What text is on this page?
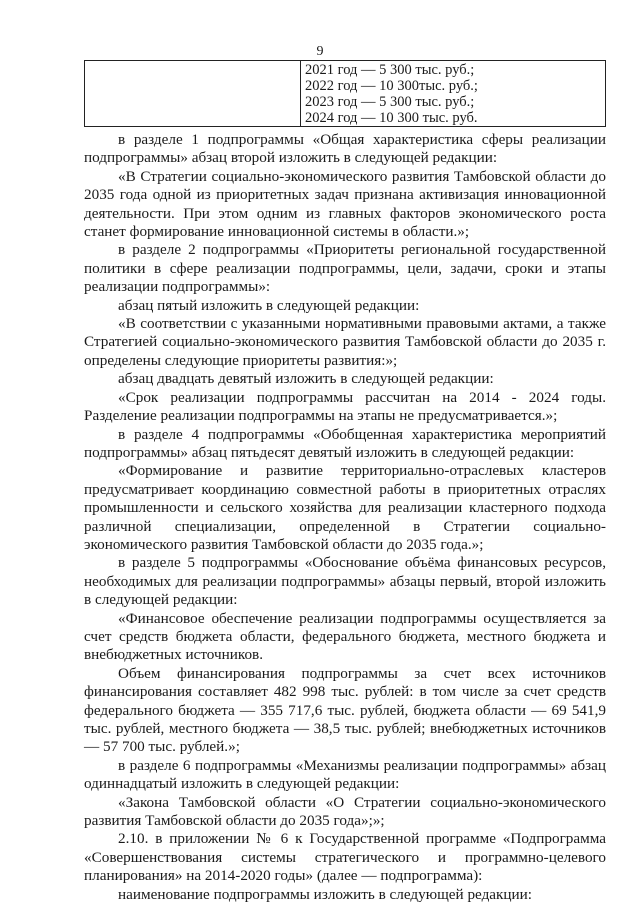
9
2021 год — 5 300 тыс. руб.;
2022 год — 10 300тыс. руб.;
2023 год — 5 300 тыс. руб.;
2024 год — 10 300 тыс. руб.

в разделе 1 подпрограммы «Общая характеристика сферы реализации подпрограммы» абзац второй изложить в следующей редакции:

«В Стратегии социально-экономического развития Тамбовской области до 2035 года одной из приоритетных задач признана активизация инновационной деятельности. При этом одним из главных факторов экономического роста станет формирование инновационной системы в области.»;

в разделе 2 подпрограммы «Приоритеты региональной государственной политики в сфере реализации подпрограммы, цели, задачи, сроки и этапы реализации подпрограммы»:

абзац пятый изложить в следующей редакции:

«В соответствии с указанными нормативными правовыми актами, а также Стратегией социально-экономического развития Тамбовской области до 2035 г. определены следующие приоритеты развития:»;

абзац двадцать девятый изложить в следующей редакции:

«Срок реализации подпрограммы рассчитан на 2014 - 2024 годы. Разделение реализации подпрограммы на этапы не предусматривается.»;

в разделе 4 подпрограммы «Обобщенная характеристика мероприятий подпрограммы» абзац пятьдесят девятый изложить в следующей редакции:

«Формирование и развитие территориально-отраслевых кластеров предусматривает координацию совместной работы в приоритетных отраслях промышленности и сельского хозяйства для реализации кластерного подхода различной специализации, определенной в Стратегии социально-экономического развития Тамбовской области до 2035 года.»;

в разделе 5 подпрограммы «Обоснование объёма финансовых ресурсов, необходимых для реализации подпрограммы» абзацы первый, второй изложить в следующей редакции:

«Финансовое обеспечение реализации подпрограммы осуществляется за счет средств бюджета области, федерального бюджета, местного бюджета и внебюджетных источников.

Объем финансирования подпрограммы за счет всех источников финансирования составляет 482 998 тыс. рублей: в том числе за счет средств федерального бюджета — 355 717,6 тыс. рублей, бюджета области — 69 541,9 тыс. рублей, местного бюджета — 38,5 тыс. рублей; внебюджетных источников — 57 700 тыс. рублей.»;

в разделе 6 подпрограммы «Механизмы реализации подпрограммы» абзац одиннадцатый изложить в следующей редакции:

«Закона Тамбовской области «О Стратегии социально-экономического развития Тамбовской области до 2035 года»;»;

2.10. в приложении № 6 к Государственной программе «Подпрограмма «Совершенствования системы стратегического и программно-целевого планирования» на 2014-2020 годы» (далее — подпрограмма):

наименование подпрограммы изложить в следующей редакции:
